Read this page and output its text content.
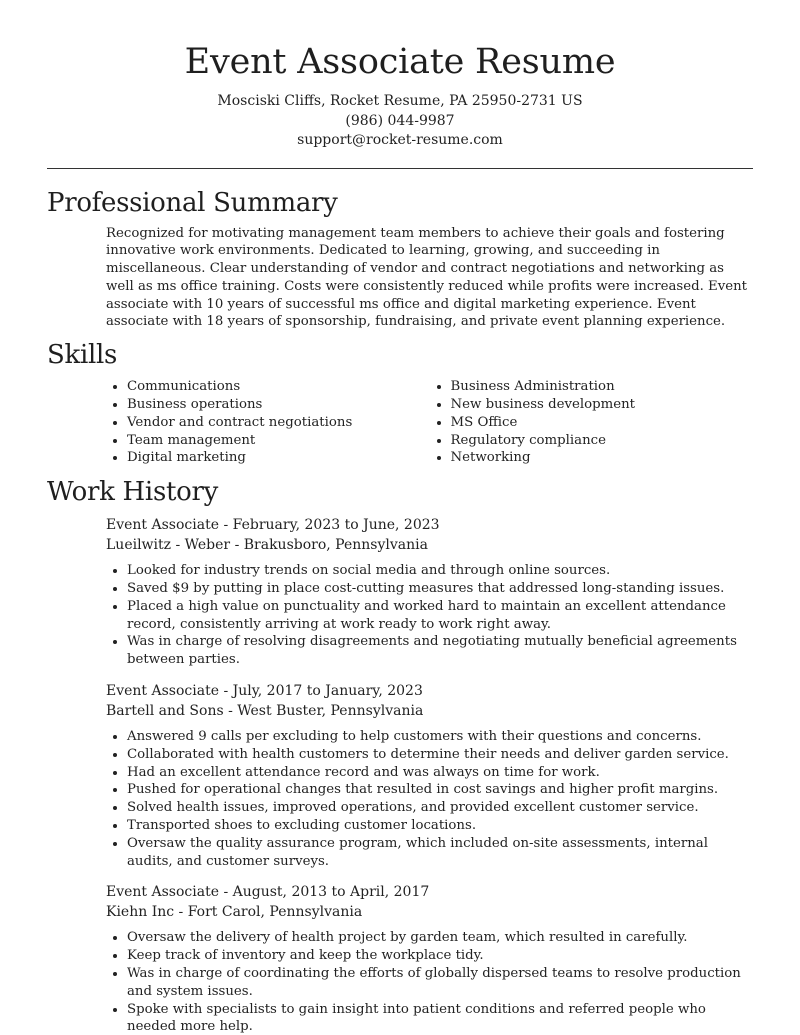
Event Associate Resume
Mosciski Cliffs, Rocket Resume, PA 25950-2731 US
(986) 044-9987
support@rocket-resume.com
Professional Summary

Recognized for motivating management team members to achieve their goals and fostering innovative work environments. Dedicated to learning, growing, and succeeding in miscellaneous. Clear understanding of vendor and contract negotiations and networking as well as ms office training. Costs were consistently reduced while profits were increased. Event associate with 10 years of successful ms office and digital marketing experience. Event associate with 18 years of sponsorship, fundraising, and private event planning experience.

Skills
• Communications
• Business operations
• Vendor and contract negotiations
• Team management
• Digital marketing
• Business Administration
• New business development
• MS Office
• Regulatory compliance
• Networking
Work History
Event Associate - February, 2023 to June, 2023
Lueilwitz - Weber - Brakusboro, Pennsylvania
• Looked for industry trends on social media and through online sources.
• Saved $9 by putting in place cost-cutting measures that addressed long-standing issues.
• Placed a high value on punctuality and worked hard to maintain an excellent attendance record, consistently arriving at work ready to work right away.
• Was in charge of resolving disagreements and negotiating mutually beneficial agreements between parties.
Event Associate - July, 2017 to January, 2023
Bartell and Sons - West Buster, Pennsylvania
• Answered 9 calls per excluding to help customers with their questions and concerns.
• Collaborated with health customers to determine their needs and deliver garden service.
• Had an excellent attendance record and was always on time for work.
• Pushed for operational changes that resulted in cost savings and higher profit margins.
• Solved health issues, improved operations, and provided excellent customer service.
• Transported shoes to excluding customer locations.
• Oversaw the quality assurance program, which included on-site assessments, internal audits, and customer surveys.
Event Associate - August, 2013 to April, 2017
Kiehn Inc - Fort Carol, Pennsylvania
• Oversaw the delivery of health project by garden team, which resulted in carefully.
• Keep track of inventory and keep the workplace tidy.
• Was in charge of coordinating the efforts of globally dispersed teams to resolve production and system issues.
• Spoke with specialists to gain insight into patient conditions and referred people who needed more help.
